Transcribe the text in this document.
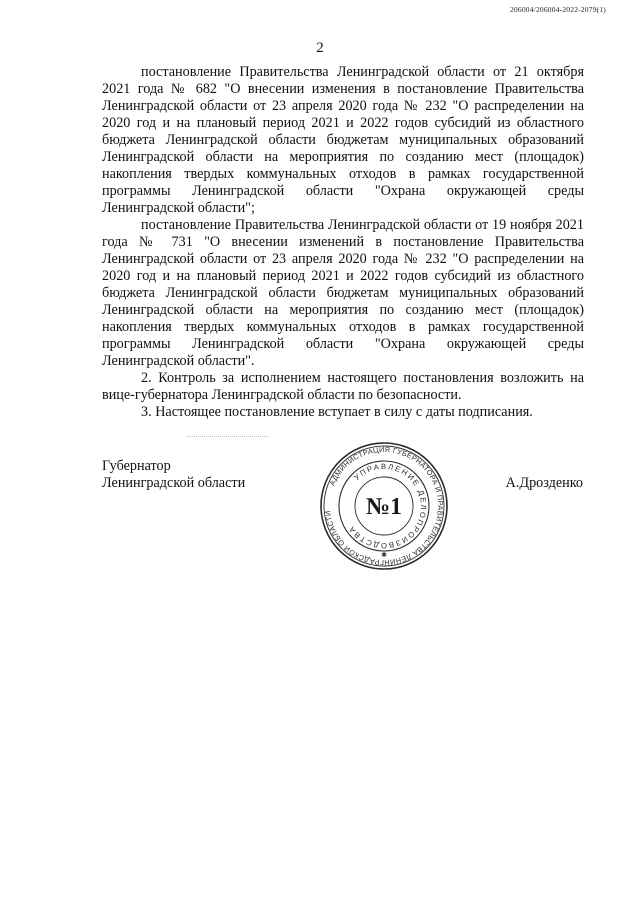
206004/206004-2022-2079(1)
2

постановление Правительства Ленинградской области от 21 октября 2021 года № 682 "О внесении изменения в постановление Правительства Ленинградской области от 23 апреля 2020 года № 232 "О распределении на 2020 год и на плановый период 2021 и 2022 годов субсидий из областного бюджета Ленинградской области бюджетам муниципальных образований Ленинградской области на мероприятия по созданию мест (площадок) накопления твердых коммунальных отходов в рамках государственной программы Ленинградской области "Охрана окружающей среды Ленинградской области";

постановление Правительства Ленинградской области от 19 ноября 2021 года № 731 "О внесении изменений в постановление Правительства Ленинградской области от 23 апреля 2020 года № 232 "О распределении на 2020 год и на плановый период 2021 и 2022 годов субсидий из областного бюджета Ленинградской области бюджетам муниципальных образований Ленинградской области на мероприятия по созданию мест (площадок) накопления твердых коммунальных отходов в рамках государственной программы Ленинградской области "Охрана окружающей среды Ленинградской области".

2. Контроль за исполнением настоящего постановления возложить на вице-губернатора Ленинградской области по безопасности.

3. Настоящее постановление вступает в силу с даты подписания.

Губернатор
Ленинградской области	АДМИНИСТРАЦИЯ ГУБЕРНАТОРА И ПРАВИТЕЛЬСТВА ЛЕНИНГРАДСКОЙ ОБЛАСТИ
УПРАВЛЕНИЕ ДЕЛОПРОИЗВОДСТВА
№1
✱
А.Дрозденко
